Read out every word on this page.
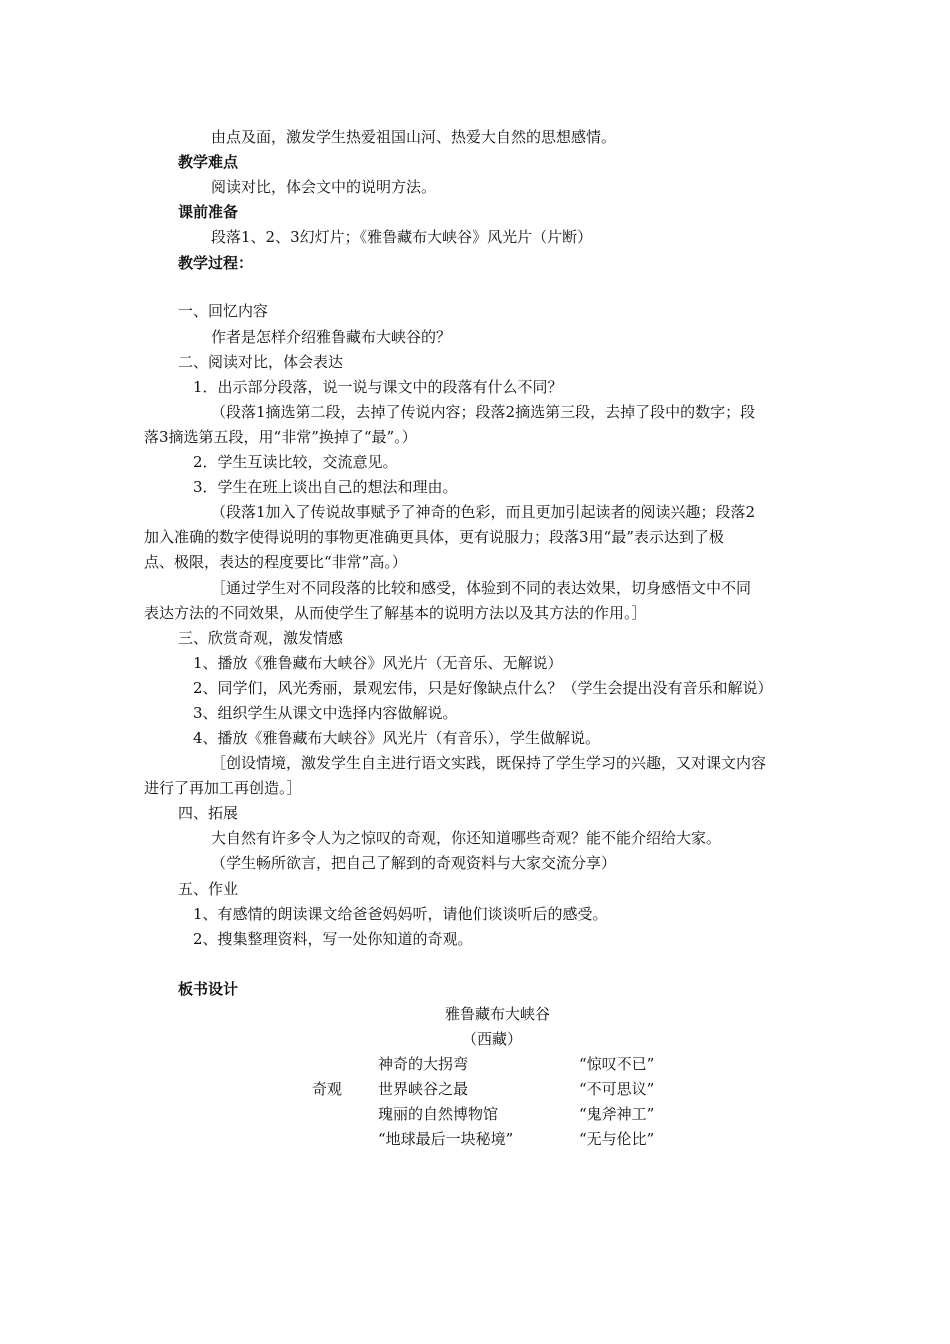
由点及面，激发学生热爱祖国山河、热爱大自然的思想感情。
教学难点
阅读对比，体会文中的说明方法。
课前准备
段落1、2、3幻灯片；《雅鲁藏布大峡谷》风光片（片断）
教学过程：
一、回忆内容
作者是怎样介绍雅鲁藏布大峡谷的？
二、阅读对比，体会表达
1．出示部分段落，说一说与课文中的段落有什么不同？
（段落1摘选第二段，去掉了传说内容；段落2摘选第三段，去掉了段中的数字；段
落3摘选第五段，用“非常”换掉了“最”。）
2．学生互读比较，交流意见。
3．学生在班上谈出自己的想法和理由。
（段落1加入了传说故事赋予了神奇的色彩，而且更加引起读者的阅读兴趣；段落2
加入准确的数字使得说明的事物更准确更具体，更有说服力；段落3用“最”表示达到了极
点、极限，表达的程度要比“非常”高。）
［通过学生对不同段落的比较和感受，体验到不同的表达效果，切身感悟文中不同
表达方法的不同效果，从而使学生了解基本的说明方法以及其方法的作用。］
三、欣赏奇观，激发情感
1、播放《雅鲁藏布大峡谷》风光片（无音乐、无解说）
2、同学们，风光秀丽，景观宏伟，只是好像缺点什么？（学生会提出没有音乐和解说）
3、组织学生从课文中选择内容做解说。
4、播放《雅鲁藏布大峡谷》风光片（有音乐），学生做解说。
［创设情境，激发学生自主进行语文实践，既保持了学生学习的兴趣，又对课文内容
进行了再加工再创造。］
四、拓展
大自然有许多令人为之惊叹的奇观，你还知道哪些奇观？能不能介绍给大家。
（学生畅所欲言，把自己了解到的奇观资料与大家交流分享）
五、作业
1、有感情的朗读课文给爸爸妈妈听，请他们谈谈听后的感受。
2、搜集整理资料，写一处你知道的奇观。
板书设计
雅鲁藏布大峡谷
（西藏）
神奇的大拐弯	“惊叹不已”
奇观 世界峡谷之最	“不可思议”
瑰丽的自然博物馆	“鬼斧神工”
“地球最后一块秘境”	“无与伦比”
